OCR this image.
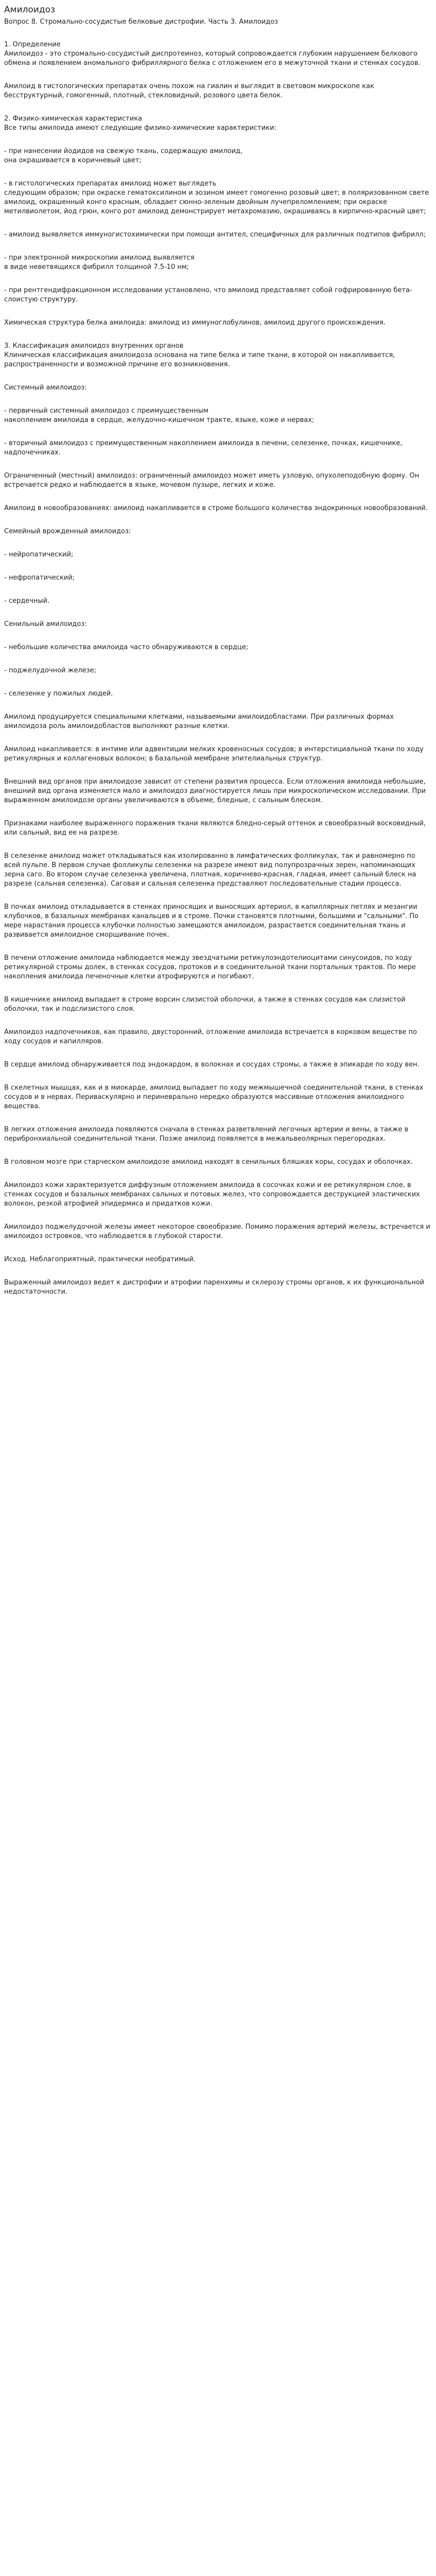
Амилоидоз
Вопрос 8. Стромально-сосудистые белковые дистрофии. Часть 3. Амилоидоз

1. Определение
Амилоидоз - это стромально-сосудистый диспротеиноз, который сопровождается глубоким нарушением белкового обмена и появлением аномального фибриллярного белка с отложением его в межуточной ткани и стенках сосудов.

Амилоид в гистологических препаратах очень похож на гиалин и выглядит в световом микроскопе как бесструктурный, гомогенный, плотный, стекловидный, розового цвета белок.

2. Физико-химическая характеристика
Все типы амилоида имеют следующие физико-химические характеристики:

- при нанесении йодидов на свежую ткань, содержащую амилоид,
она окрашивается в коричневый цвет;

- в гистологических препаратах амилоид может выглядеть
следующим образом; при окраске гематоксилином и эозином имеет гомогенно розовый цвет; в поляризованном свете амилоид, окрашенный конго красным, обладает сюнно-зеленым двойным лучепреломлением; при окраске метилвиолетом, йод грюн, конго рот амилоид демонстрирует метахромазию, окрашиваясь в кирпично-красный цвет;

- амилоид выявляется иммуногистохимически при помощи антител, специфичных для различных подтипов фибрилл;

- при электронной микроскопии амилоид выявляется
в виде неветвящихся фибрилл толщиной 7.5-10 нм;

- при рентгендифракционном исследовании установлено, что амилоид представляет собой гофрированную бета-слоистую структуру.

Химическая структура белка амилоида: амилоид из иммуноглобулинов, амилоид другого происхождения.

3. Классификация амилоидоз внутренних органов
Клиническая классификация амилоидоза основана на типе белка и типе ткани, в которой он накапливается, распространенности и возможной причине его возникновения.

Системный амилоидоз:

- первичный системный амилоидоз с преимущественным
накоплением амилоида в сердце, желудочно-кишечном тракте, языке, коже и нервах;

- вторичный амилоидоз с преимущественным накоплением амилоида в печени, селезенке, почках, кишечнике, надпочечниках.

Ограниченный (местный) амилоидоз: ограниченный амилоидоз может иметь узловую, опухолеподобную форму. Он встречается редко и наблюдается в языке, мочевом пузыре, легких и коже.

Амилоид в новообразованиях: амилоид накапливается в строме большого количества эндокринных новообразований.

Семейный врожденный амилоидоз:

- нейропатический;

- нефропатический;

- сердечный.

Сенильный амилоидоз:

- небольшие количества амилоида часто обнаруживаются в сердце;

- поджелудочной железе;

- селезенке у пожилых людей.

Амилоид продуцируется специальными клетками, называемыми амилоидобластами. При различных формах амилоидоза роль амилоидобластов выполняют разные клетки.

Амилоид накапливается: в интиме или адвентиции мелких кровеносных сосудов; в интерстициальной ткани по ходу ретикулярных и коллагеновых волокон; в базальной мембране эпителиальных структур.

Внешний вид органов при амилоидозе зависит от степени развития процесса. Если отложения амилоида небольшие, внешний вид органа изменяется мало и амилоидоз диагностируется лишь при микроскопическом исследовании. При выраженном амилоидозе органы увеличиваются в объеме, бледные, с сальным блеском.

Признаками наиболее выраженного поражения ткани являются бледно-серый оттенок и своеобразный восковидный, или сальный, вид ее на разрезе.

В селезенке амилоид может откладываться как изолированно в лимфатических фолликулах, так и равномерно по всей пульпе. В первом случае фолликулы селезенки на разрезе имеют вид полупрозрачных зерен, напоминающих зерна саго. Во втором случае селезенка увеличена, плотная, коричнево-красная, гладкая, имеет сальный блеск на разрезе (сальная селезенка). Саговая и сальная селезенка представляют последовательные стадии процесса.

В почках амилоид откладывается в стенках приносящих и выносящих артериол, в капиллярных петлях и мезангии клубочков, в базальных мембранах канальцев и в строме. Почки становятся плотными, большими и "сальными". По мере нарастания процесса клубочки полностью замещаются амилоидом, разрастается соединительная ткань и развивается амилоидное сморщивание почек.

В печени отложение амилоида наблюдается между звездчатыми ретикулоэндотелиоцитами синусоидов, по ходу ретикулярной стромы долек, в стенках сосудов, протоков и в соединительной ткани портальных трактов. По мере накопления амилоида печеночные клетки атрофируются и погибают.

В кишечнике амилоид выпадает в строме ворсин слизистой оболочки, а также в стенках сосудов как слизистой оболочки, так и подслизистого слоя.

Амилоидоз надпочечников, как правило, двусторонний, отложение амилоида встречается в корковом веществе по ходу сосудов и капилляров.

В сердце амилоид обнаруживается под эндокардом, в волокнах и сосудах стромы, а также в эпикарде по ходу вен.

В скелетных мышцах, как и в миокарде, амилоид выпадает по ходу межмышечной соединительной ткани, в стенках сосудов и в нервах. Периваскулярно и периневрально нередко образуются массивные отложения амилоидного вещества.

В легких отложения амилоида появляются сначала в стенках разветвлений легочных артерии и вены, а также в перибронхиальной соединительной ткани. Позже амилоид появляется в межальвеолярных перегородках.

В головном мозге при старческом амилоидозе амилоид находят в сенильных бляшках коры, сосудах и оболочках.

Амилоидоз кожи характеризуется диффузным отложением амилоида в сосочках кожи и ее ретикулярном слое, в стенках сосудов и базальных мембранах сальных и потовых желез, что сопровождается деструкцией эластических волокон, резкой атрофией эпидермиса и придатков кожи.

Амилоидоз поджелудочной железы имеет некоторое своеобразие. Помимо поражения артерий железы, встречается и амилоидоз островков, что наблюдается в глубокой старости.

Исход. Неблагоприятный, практически необратимый.

Выраженный амилоидоз ведет к дистрофии и атрофии паренхимы и склерозу стромы органов, к их функциональной недостаточности.
